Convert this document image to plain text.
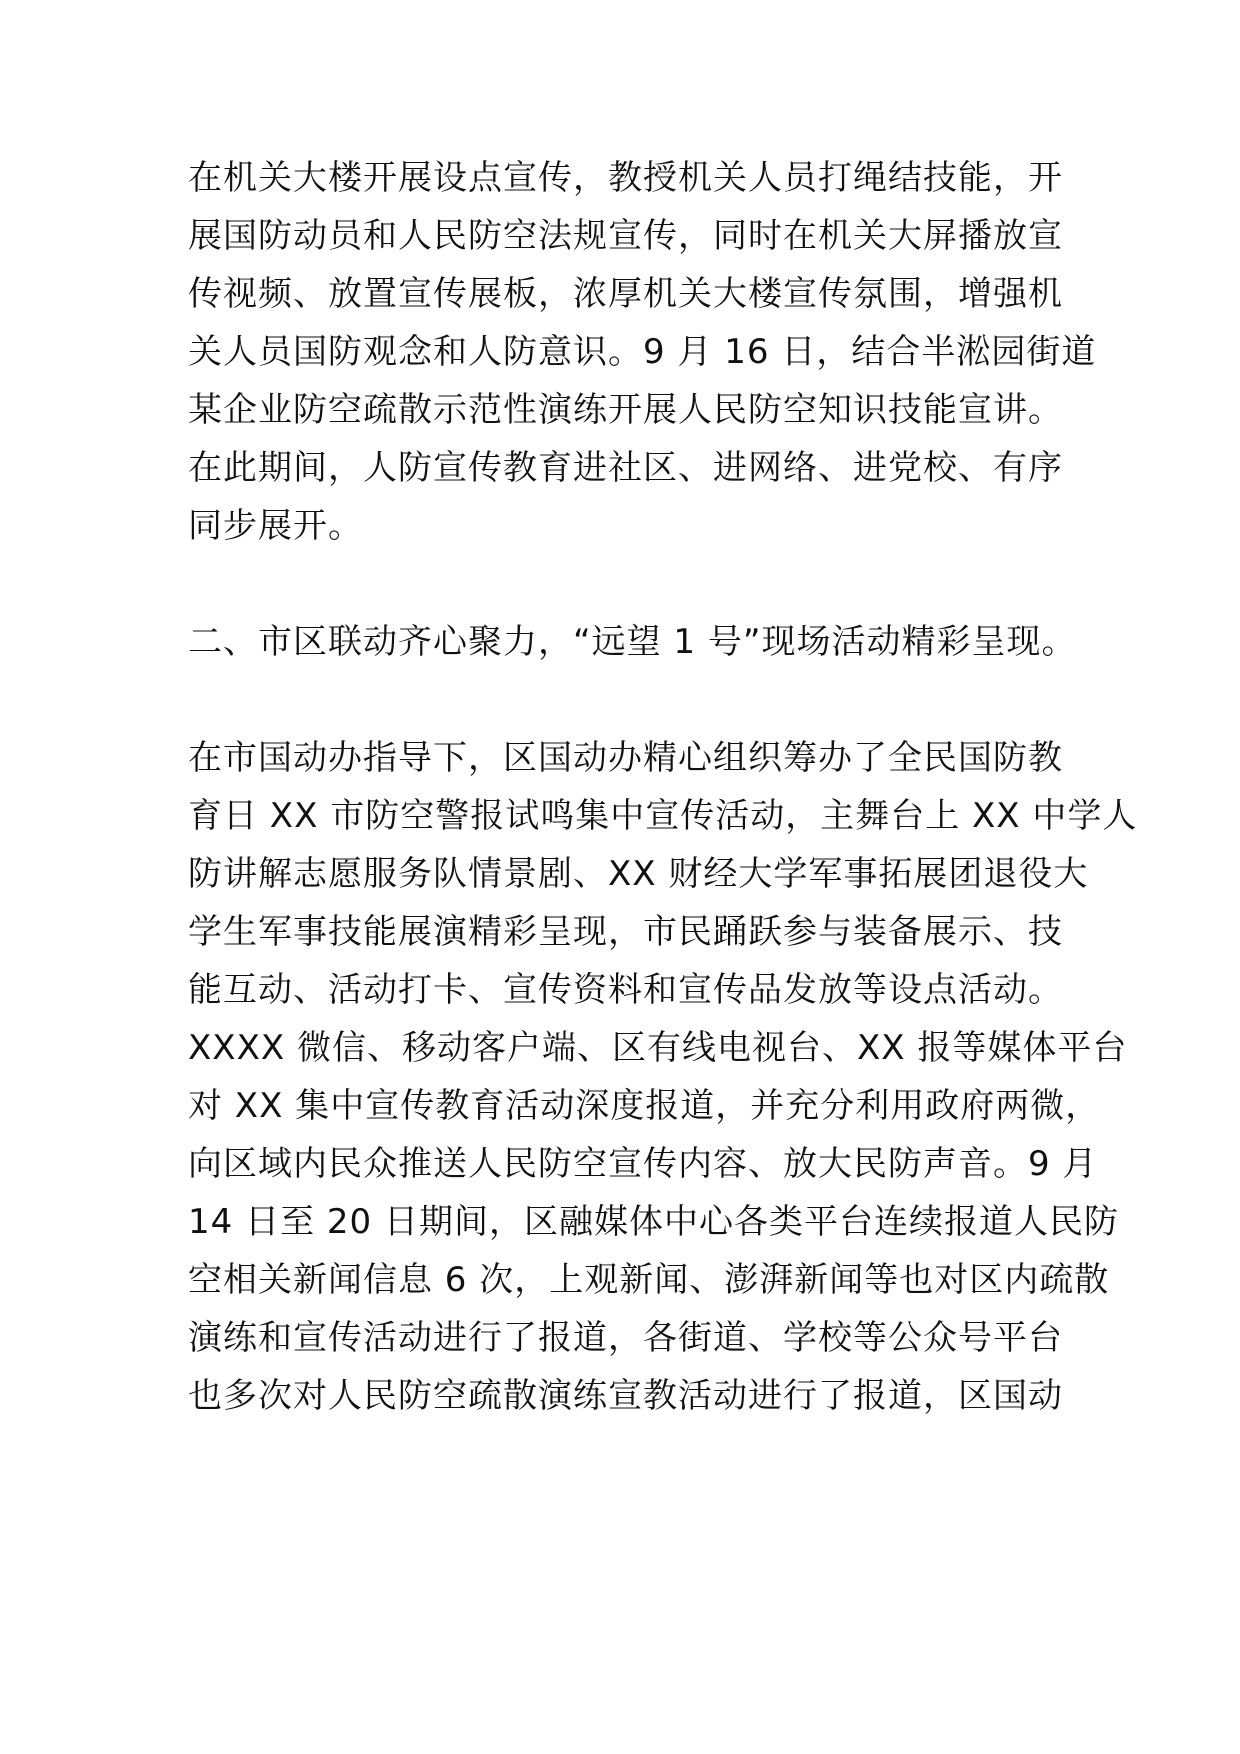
在机关大楼开展设点宣传，教授机关人员打绳结技能，开
展国防动员和人民防空法规宣传，同时在机关大屏播放宣
传视频、放置宣传展板，浓厚机关大楼宣传氛围，增强机
关人员国防观念和人防意识。9 月 16 日，结合半淞园街道
某企业防空疏散示范性演练开展人民防空知识技能宣讲。
在此期间，人防宣传教育进社区、进网络、进党校、有序
同步展开。
二、市区联动齐心聚力，“远望 1 号”现场活动精彩呈现。
在市国动办指导下，区国动办精心组织筹办了全民国防教
育日 XX 市防空警报试鸣集中宣传活动，主舞台上 XX 中学人
防讲解志愿服务队情景剧、XX 财经大学军事拓展团退役大
学生军事技能展演精彩呈现，市民踊跃参与装备展示、技
能互动、活动打卡、宣传资料和宣传品发放等设点活动。
XXXX 微信、移动客户端、区有线电视台、XX 报等媒体平台
对 XX 集中宣传教育活动深度报道，并充分利用政府两微，
向区域内民众推送人民防空宣传内容、放大民防声音。9 月
14 日至 20 日期间，区融媒体中心各类平台连续报道人民防
空相关新闻信息 6 次，上观新闻、澎湃新闻等也对区内疏散
演练和宣传活动进行了报道，各街道、学校等公众号平台
也多次对人民防空疏散演练宣教活动进行了报道，区国动
